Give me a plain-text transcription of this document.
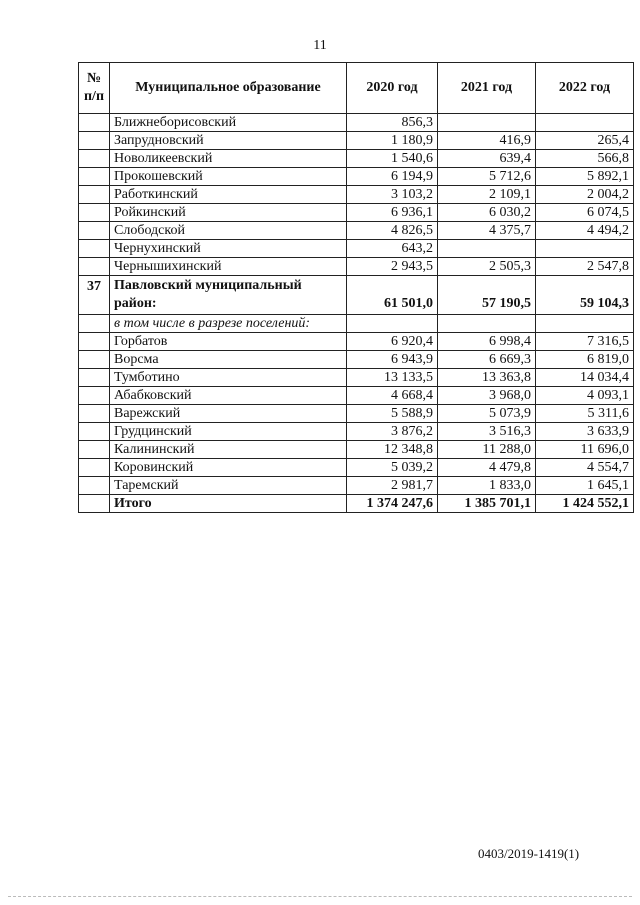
11
№ п/п	Муниципальное образование	2020 год	2021 год	2022 год
	Ближнеборисовский	856,3		
	Запрудновский	1 180,9	416,9	265,4
	Новоликеевский	1 540,6	639,4	566,8
	Прокошевский	6 194,9	5 712,6	5 892,1
	Работкинский	3 103,2	2 109,1	2 004,2
	Ройкинский	6 936,1	6 030,2	6 074,5
	Слободской	4 826,5	4 375,7	4 494,2
	Чернухинский	643,2		
	Чернышихинский	2 943,5	2 505,3	2 547,8
37	Павловский муниципальный район:	61 501,0	57 190,5	59 104,3
	в том числе в разрезе поселений:			
	Горбатов	6 920,4	6 998,4	7 316,5
	Ворсма	6 943,9	6 669,3	6 819,0
	Тумботино	13 133,5	13 363,8	14 034,4
	Абабковский	4 668,4	3 968,0	4 093,1
	Варежский	5 588,9	5 073,9	5 311,6
	Грудцинский	3 876,2	3 516,3	3 633,9
	Калининский	12 348,8	11 288,0	11 696,0
	Коровинский	5 039,2	4 479,8	4 554,7
	Таремский	2 981,7	1 833,0	1 645,1
	Итого	1 374 247,6	1 385 701,1	1 424 552,1
0403/2019-1419(1)
